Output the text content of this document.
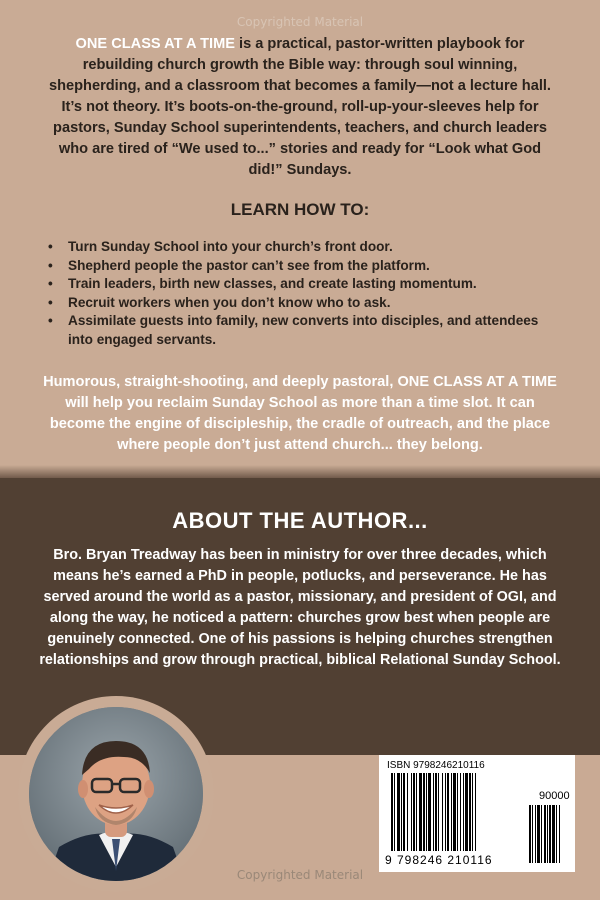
Copyrighted Material

ONE CLASS AT A TIME is a practical, pastor-written playbook for rebuilding church growth the Bible way: through soul winning, shepherding, and a classroom that becomes a family—not a lecture hall. It’s not theory. It’s boots-on-the-ground, roll-up-your-sleeves help for pastors, Sunday School superintendents, teachers, and church leaders who are tired of “We used to...” stories and ready for “Look what God did!” Sundays.

LEARN HOW TO:
• Turn Sunday School into your church’s front door.
• Shepherd people the pastor can’t see from the platform.
• Train leaders, birth new classes, and create lasting momentum.
• Recruit workers when you don’t know who to ask.
• Assimilate guests into family, new converts into disciples, and attendees into engaged servants.

Humorous, straight-shooting, and deeply pastoral, ONE CLASS AT A TIME will help you reclaim Sunday School as more than a time slot. It can become the engine of discipleship, the cradle of outreach, and the place where people don’t just attend church... they belong.

ABOUT THE AUTHOR...

Bro. Bryan Treadway has been in ministry for over three decades, which means he’s earned a PhD in people, potlucks, and perseverance. He has served around the world as a pastor, missionary, and president of OGI, and along the way, he noticed a pattern: churches grow best when people are genuinely connected. One of his passions is helping churches strengthen relationships and grow through practical, biblical Relational Sunday School.

ISBN 9798246210116
90000
9 798246 210116
Copyrighted Material
